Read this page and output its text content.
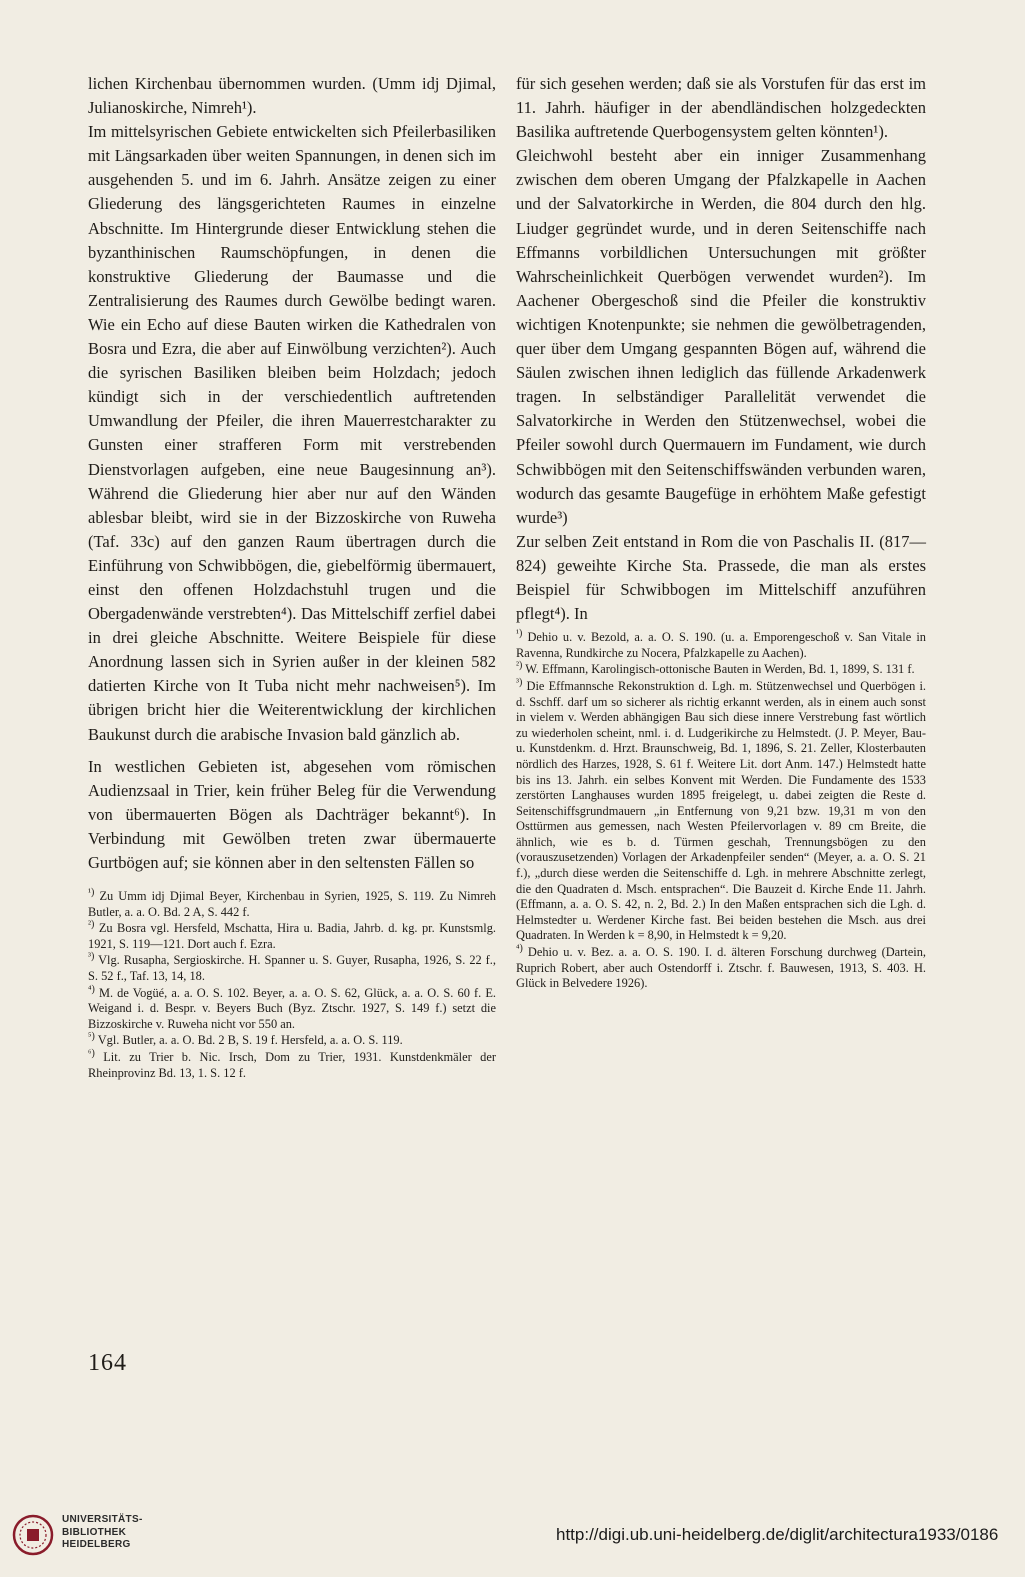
lichen Kirchenbau übernommen wurden. (Umm idj Djimal, Julianoskirche, Nimreh¹).

Im mittelsyrischen Gebiete entwickelten sich Pfeilerbasiliken mit Längsarkaden über weiten Spannungen, in denen sich im ausgehenden 5. und im 6. Jahrh. Ansätze zeigen zu einer Gliederung des längsgerichteten Raumes in einzelne Abschnitte. Im Hintergrunde dieser Entwicklung stehen die byzanthinischen Raumschöpfungen, in denen die konstruktive Gliederung der Baumasse und die Zentralisierung des Raumes durch Gewölbe bedingt waren. Wie ein Echo auf diese Bauten wirken die Kathedralen von Bosra und Ezra, die aber auf Einwölbung verzichten²). Auch die syrischen Basiliken bleiben beim Holzdach; jedoch kündigt sich in der verschiedentlich auftretenden Umwandlung der Pfeiler, die ihren Mauerrestcharakter zu Gunsten einer strafferen Form mit verstrebenden Dienstvorlagen aufgeben, eine neue Baugesinnung an³). Während die Gliederung hier aber nur auf den Wänden ablesbar bleibt, wird sie in der Bizzoskirche von Ruweha (Taf. 33c) auf den ganzen Raum übertragen durch die Einführung von Schwibbögen, die, giebelförmig übermauert, einst den offenen Holzdachstuhl trugen und die Obergadenwände verstrebten⁴). Das Mittelschiff zerfiel dabei in drei gleiche Abschnitte. Weitere Beispiele für diese Anordnung lassen sich in Syrien außer in der kleinen 582 datierten Kirche von It Tuba nicht mehr nachweisen⁵). Im übrigen bricht hier die Weiterentwicklung der kirchlichen Baukunst durch die arabische Invasion bald gänzlich ab.

In westlichen Gebieten ist, abgesehen vom römischen Audienzsaal in Trier, kein früher Beleg für die Verwendung von übermauerten Bögen als Dachträger bekannt⁶). In Verbindung mit Gewölben treten zwar übermauerte Gurtbögen auf; sie können aber in den seltensten Fällen so

$^{^1)}$ Zu Umm idj Djimal Beyer, Kirchenbau in Syrien, 1925, S. 119. Zu Nimreh Butler, a. a. O. Bd. 2 A, S. 442 f.

$^{^2)}$ Zu Bosra vgl. Hersfeld, Mschatta, Hira u. Badia, Jahrb. d. kg. pr. Kunstsmlg. 1921, S. 119—121. Dort auch f. Ezra.

$^{^3)}$ Vlg. Rusapha, Sergioskirche. H. Spanner u. S. Guyer, Rusapha, 1926, S. 22 f., S. 52 f., Taf. 13, 14, 18.

$^{^4)}$ M. de Vogüé, a. a. O. S. 102. Beyer, a. a. O. S. 62, Glück, a. a. O. S. 60 f. E. Weigand i. d. Bespr. v. Beyers Buch (Byz. Ztschr. 1927, S. 149 f.) setzt die Bizzoskirche v. Ruweha nicht vor 550 an.

$^{^5)}$ Vgl. Butler, a. a. O. Bd. 2 B, S. 19 f. Hersfeld, a. a. O. S. 119.

$^{^6)}$ Lit. zu Trier b. Nic. Irsch, Dom zu Trier, 1931. Kunstdenkmäler der Rheinprovinz Bd. 13, 1. S. 12 f.

für sich gesehen werden; daß sie als Vorstufen für das erst im 11. Jahrh. häufiger in der abendländischen holzgedeckten Basilika auftretende Querbogensystem gelten könnten¹).

Gleichwohl besteht aber ein inniger Zusammenhang zwischen dem oberen Umgang der Pfalzkapelle in Aachen und der Salvatorkirche in Werden, die 804 durch den hlg. Liudger gegründet wurde, und in deren Seitenschiffe nach Effmanns vorbildlichen Untersuchungen mit größter Wahrscheinlichkeit Querbögen verwendet wurden²). Im Aachener Obergeschoß sind die Pfeiler die konstruktiv wichtigen Knotenpunkte; sie nehmen die gewölbetragenden, quer über dem Umgang gespannten Bögen auf, während die Säulen zwischen ihnen lediglich das füllende Arkadenwerk tragen. In selbständiger Parallelität verwendet die Salvatorkirche in Werden den Stützenwechsel, wobei die Pfeiler sowohl durch Quermauern im Fundament, wie durch Schwibbögen mit den Seitenschiffswänden verbunden waren, wodurch das gesamte Baugefüge in erhöhtem Maße gefestigt wurde³)

Zur selben Zeit entstand in Rom die von Paschalis II. (817—824) geweihte Kirche Sta. Prassede, die man als erstes Beispiel für Schwibbogen im Mittelschiff anzuführen pflegt⁴). In

$^{^1)}$ Dehio u. v. Bezold, a. a. O. S. 190. (u. a. Emporengeschoß v. San Vitale in Ravenna, Rundkirche zu Nocera, Pfalzkapelle zu Aachen).

$^{^2)}$ W. Effmann, Karolingisch-ottonische Bauten in Werden, Bd. 1, 1899, S. 131 f.

$^{^3)}$ Die Effmannsche Rekonstruktion d. Lgh. m. Stützenwechsel und Querbögen i. d. Sschff. darf um so sicherer als richtig erkannt werden, als in einem auch sonst in vielem v. Werden abhängigen Bau sich diese innere Verstrebung fast wörtlich zu wiederholen scheint, nml. i. d. Ludgerikirche zu Helmstedt. (J. P. Meyer, Bau- u. Kunstdenkm. d. Hrzt. Braunschweig, Bd. 1, 1896, S. 21. Zeller, Klosterbauten nördlich des Harzes, 1928, S. 61 f. Weitere Lit. dort Anm. 147.) Helmstedt hatte bis ins 13. Jahrh. ein selbes Konvent mit Werden. Die Fundamente des 1533 zerstörten Langhauses wurden 1895 freigelegt, u. dabei zeigten die Reste d. Seitenschiffsgrundmauern „in Entfernung von 9,21 bzw. 19,31 m von den Osttürmen aus gemessen, nach Westen Pfeilervorlagen v. 89 cm Breite, die ähnlich, wie es b. d. Türmen geschah, Trennungsbögen zu den (vorauszusetzenden) Vorlagen der Arkadenpfeiler senden“ (Meyer, a. a. O. S. 21 f.), „durch diese werden die Seitenschiffe d. Lgh. in mehrere Abschnitte zerlegt, die den Quadraten d. Msch. entsprachen“. Die Bauzeit d. Kirche Ende 11. Jahrh. (Effmann, a. a. O. S. 42, n. 2, Bd. 2.) In den Maßen entsprachen sich die Lgh. d. Helmstedter u. Werdener Kirche fast. Bei beiden bestehen die Msch. aus drei Quadraten. In Werden k = 8,90, in Helmstedt k = 9,20.

$^{^4)}$ Dehio u. v. Bez. a. a. O. S. 190. I. d. älteren Forschung durchweg (Dartein, Ruprich Robert, aber auch Ostendorff i. Ztschr. f. Bauwesen, 1913, S. 403. H. Glück in Belvedere 1926).

164
UNIVERSITÄTS-
BIBLIOTHEK
HEIDELBERG
http://digi.ub.uni-heidelberg.de/diglit/architectura1933/0186
